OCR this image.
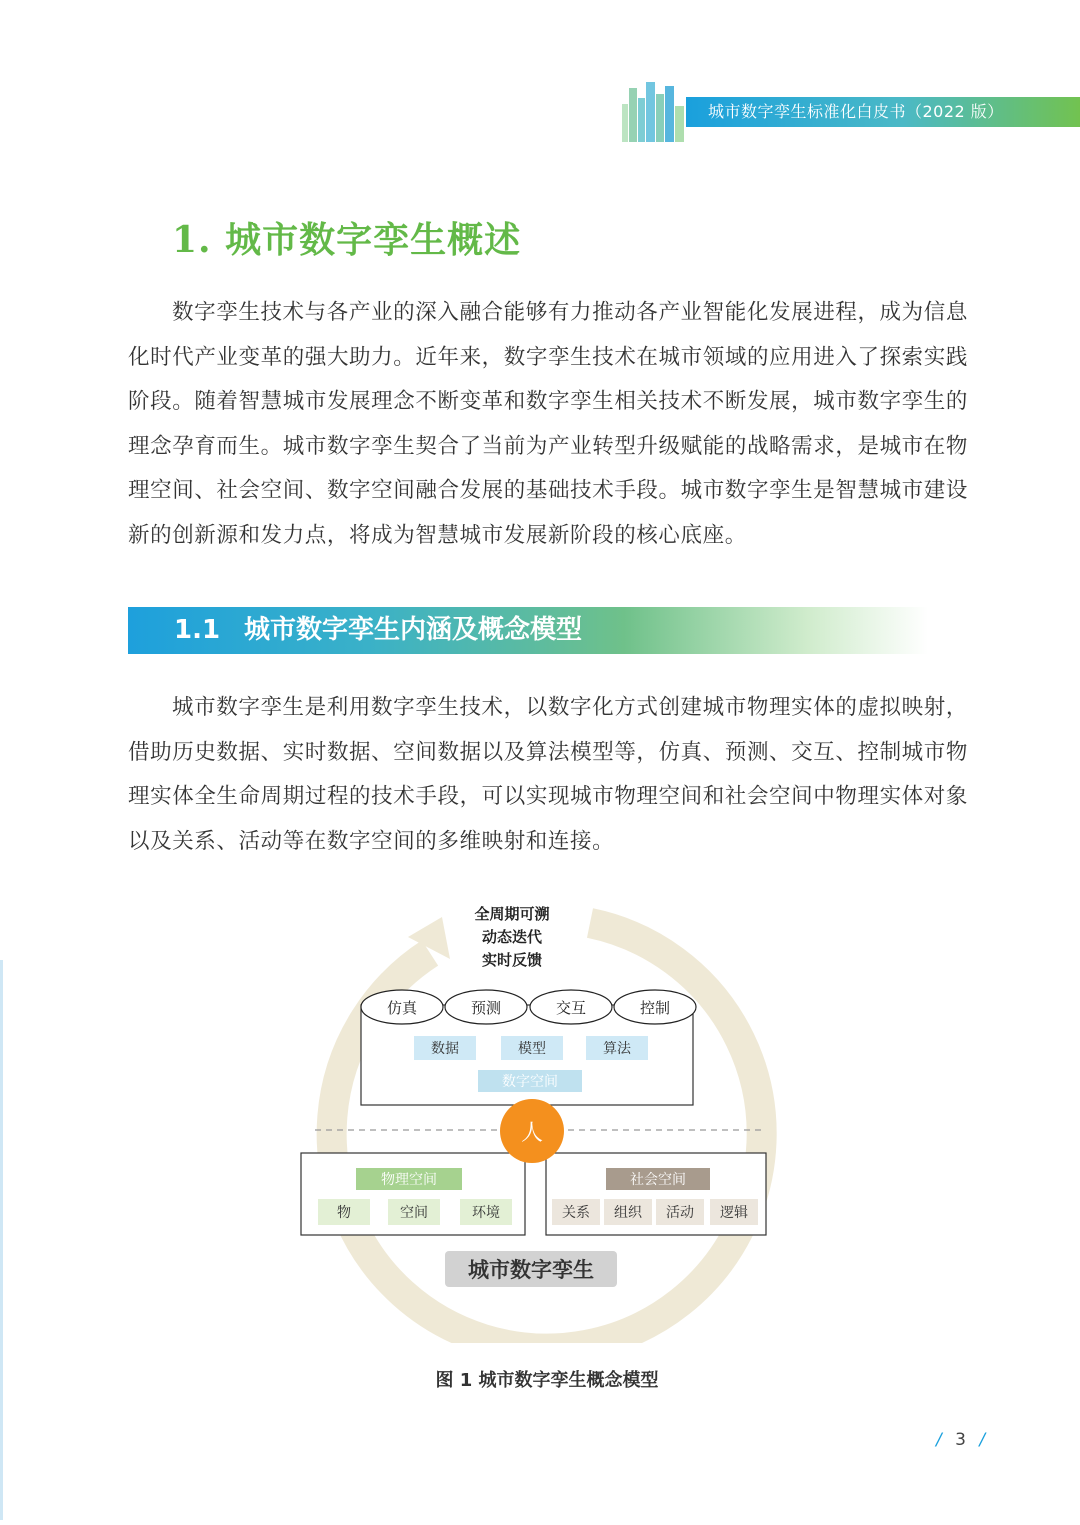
城市数字孪生标准化白皮书（2022 版）
1. 城市数字孪生概述

数字孪生技术与各产业的深入融合能够有力推动各产业智能化发展进程，成为信息化时代产业变革的强大助力。近年来，数字孪生技术在城市领域的应用进入了探索实践阶段。随着智慧城市发展理念不断变革和数字孪生相关技术不断发展，城市数字孪生的理念孕育而生。城市数字孪生契合了当前为产业转型升级赋能的战略需求，是城市在物理空间、社会空间、数字空间融合发展的基础技术手段。城市数字孪生是智慧城市建设新的创新源和发力点，将成为智慧城市发展新阶段的核心底座。

1.1 城市数字孪生内涵及概念模型

城市数字孪生是利用数字孪生技术，以数字化方式创建城市物理实体的虚拟映射，借助历史数据、实时数据、空间数据以及算法模型等，仿真、预测、交互、控制城市物理实体全生命周期过程的技术手段，可以实现城市物理空间和社会空间中物理实体对象以及关系、活动等在数字空间的多维映射和连接。

全周期可溯
动态迭代
实时反馈
仿真	预测	交互	控制
数据	模型	算法
数字空间
物理空间
物	空间	环境
社会空间
关系 组织 活动 逻辑
人
城市数字孪生
图 1 城市数字孪生概念模型
/ 3 /
